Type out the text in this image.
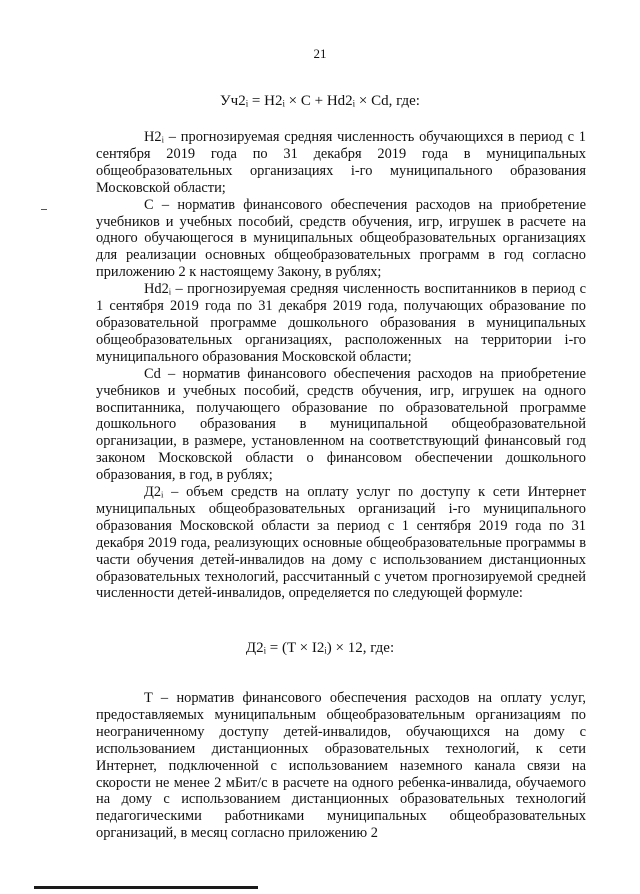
21
Уч2ᵢ = H2ᵢ × C + Hd2ᵢ × Cd, где:

H2ᵢ – прогнозируемая средняя численность обучающихся в период с 1 сентября 2019 года по 31 декабря 2019 года в муниципальных общеобразовательных организациях i-го муниципального образования Московской области;

C – норматив финансового обеспечения расходов на приобретение учебников и учебных пособий, средств обучения, игр, игрушек в расчете на одного обучающегося в муниципальных общеобразовательных организациях для реализации основных общеобразовательных программ в год согласно приложению 2 к настоящему Закону, в рублях;

Hd2ᵢ – прогнозируемая средняя численность воспитанников в период с 1 сентября 2019 года по 31 декабря 2019 года, получающих образование по образовательной программе дошкольного образования в муниципальных общеобразовательных организациях, расположенных на территории i-го муниципального образования Московской области;

Cd – норматив финансового обеспечения расходов на приобретение учебников и учебных пособий, средств обучения, игр, игрушек на одного воспитанника, получающего образование по образовательной программе дошкольного образования в муниципальной общеобразовательной организации, в размере, установленном на соответствующий финансовый год законом Московской области о финансовом обеспечении дошкольного образования, в год, в рублях;

Д2ᵢ – объем средств на оплату услуг по доступу к сети Интернет муниципальных общеобразовательных организаций i-го муниципального образования Московской области за период с 1 сентября 2019 года по 31 декабря 2019 года, реализующих основные общеобразовательные программы в части обучения детей-инвалидов на дому с использованием дистанционных образовательных технологий, рассчитанный с учетом прогнозируемой средней численности детей-инвалидов, определяется по следующей формуле:

Д2ᵢ = (T × I2ᵢ) × 12, где:

T – норматив финансового обеспечения расходов на оплату услуг, предоставляемых муниципальным общеобразовательным организациям по неограниченному доступу детей-инвалидов, обучающихся на дому с использованием дистанционных образовательных технологий, к сети Интернет, подключенной с использованием наземного канала связи на скорости не менее 2 мБит/с в расчете на одного ребенка-инвалида, обучаемого на дому с использованием дистанционных образовательных технологий педагогическими работниками муниципальных общеобразовательных организаций, в месяц согласно приложению 2
